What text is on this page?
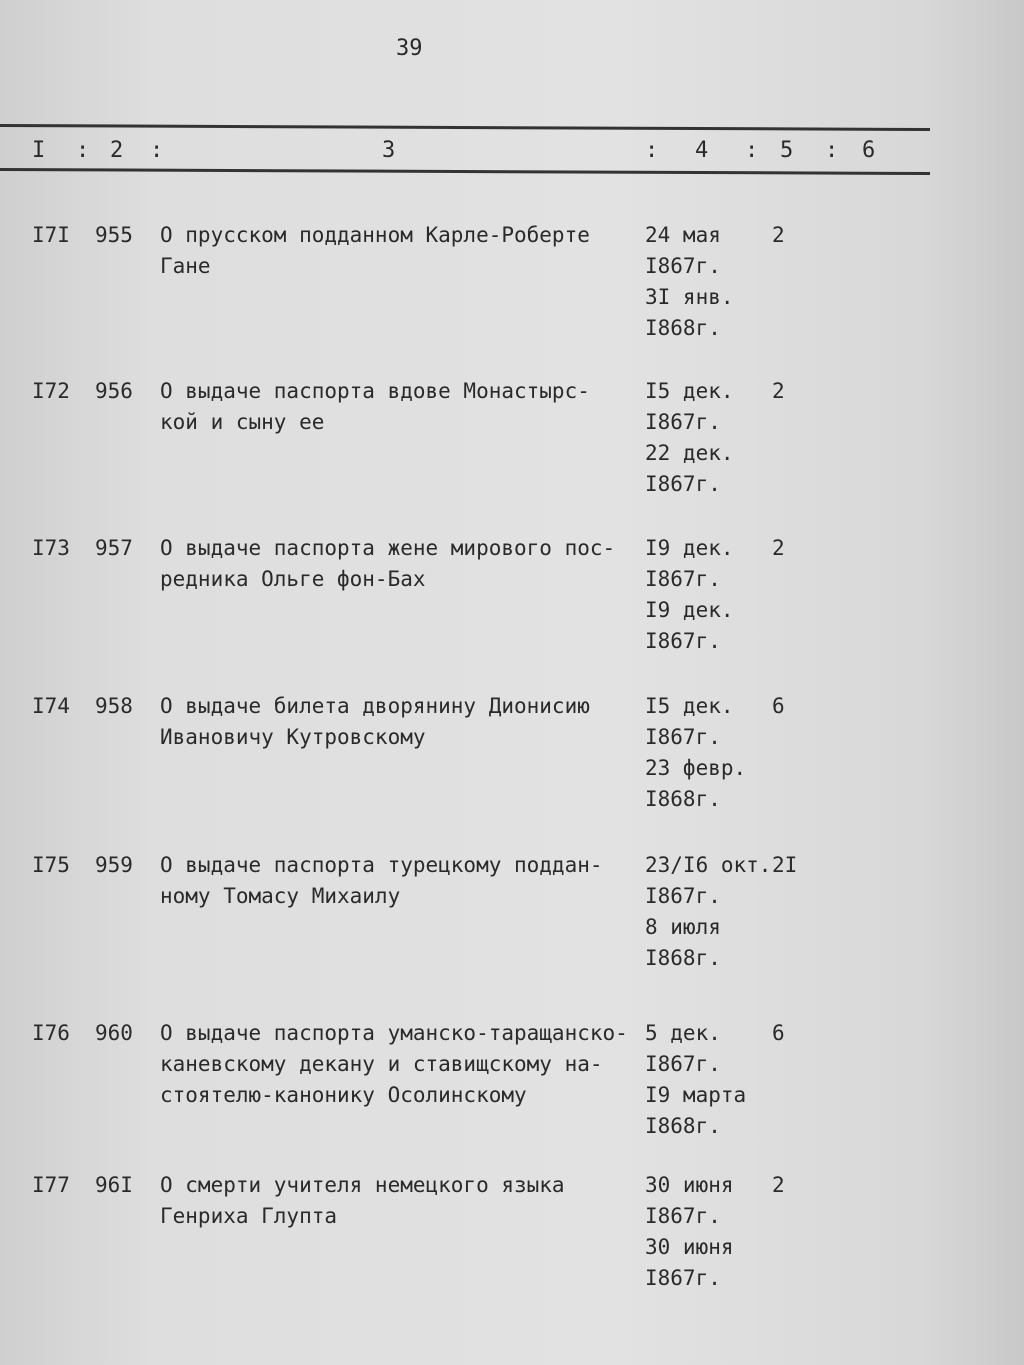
39
I : 2 :	3	: 4 : 5 : 6
I7I 955 О прусском подданном Карле-Роберте
Гане
24 мая
I867г.
3I янв.
I868г.
2
I72 956 О выдаче паспорта вдове Монастырс-
кой и сыну ее
I5 дек.
I867г.
22 дек.
I867г.
2
I73 957 О выдаче паспорта жене мирового пос-
редника Ольге фон-Бах
I9 дек.
I867г.
I9 дек.
I867г.
2
I74 958 О выдаче билета дворянину Дионисию
Ивановичу Кутровскому
I5 дек.
I867г.
23 февр.
I868г.
6
I75 959 О выдаче паспорта турецкому поддан-
ному Томасу Михаилу
23/I6 окт.
I867г.
8 июля
I868г.
2I
I76 960 О выдаче паспорта уманско-таращанско-
каневскому декану и ставищскому на-
стоятелю-канонику Осолинскому
5 дек.
I867г.
I9 марта
I868г.
6
I77 96I О смерти учителя немецкого языка
Генриха Глупта
30 июня
I867г.
30 июня
I867г.
2
